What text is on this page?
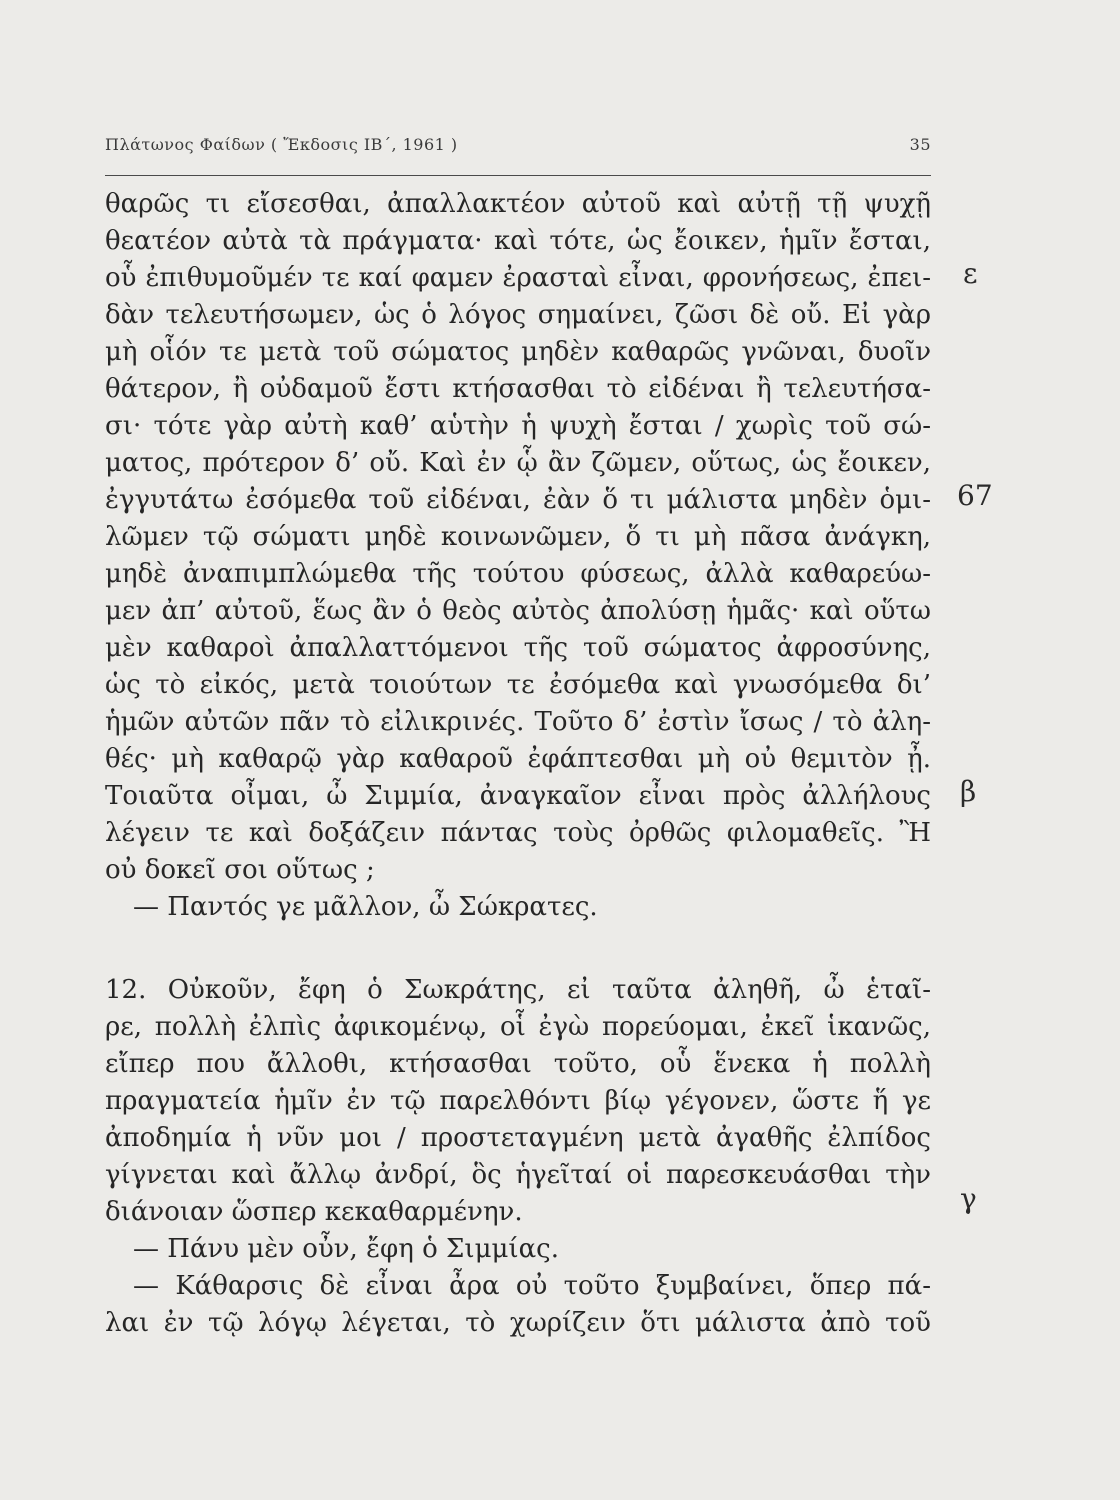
Πλάτωνος Φαίδων ( Ἔκδοσις ΙΒ΄, 1961 )	35
θαρῶς τι εἴσεσθαι, ἀπαλλακτέον αὐτοῦ καὶ αὐτῇ τῇ ψυχῇ
θεατέον αὐτὰ τὰ πράγματα· καὶ τότε, ὡς ἔοικεν, ἡμῖν ἔσται,
οὗ ἐπιθυμοῦμέν τε καί φαμεν ἐρασταὶ εἶναι, φρονήσεως, ἐπει-
δὰν τελευτήσωμεν, ὡς ὁ λόγος σημαίνει, ζῶσι δὲ οὔ. Εἰ γὰρ
μὴ οἷόν τε μετὰ τοῦ σώματος μηδὲν καθαρῶς γνῶναι, δυοῖν
θάτερον, ἢ οὐδαμοῦ ἔστι κτήσασθαι τὸ εἰδέναι ἢ τελευτήσα-
σι· τότε γὰρ αὐτὴ καθ’ αὑτὴν ἡ ψυχὴ ἔσται / χωρὶς τοῦ σώ-
ματος, πρότερον δ’ οὔ. Καὶ ἐν ᾧ ἂν ζῶμεν, οὕτως, ὡς ἔοικεν,
ἐγγυτάτω ἐσόμεθα τοῦ εἰδέναι, ἐὰν ὅ τι μάλιστα μηδὲν ὁμι-
λῶμεν τῷ σώματι μηδὲ κοινωνῶμεν, ὅ τι μὴ πᾶσα ἀνάγκη,
μηδὲ ἀναπιμπλώμεθα τῆς τούτου φύσεως, ἀλλὰ καθαρεύω-
μεν ἀπ’ αὐτοῦ, ἕως ἂν ὁ θεὸς αὐτὸς ἀπολύσῃ ἡμᾶς· καὶ οὕτω
μὲν καθαροὶ ἀπαλλαττόμενοι τῆς τοῦ σώματος ἀφροσύνης,
ὡς τὸ εἰκός, μετὰ τοιούτων τε ἐσόμεθα καὶ γνωσόμεθα δι’
ἡμῶν αὐτῶν πᾶν τὸ εἰλικρινές. Τοῦτο δ’ ἐστὶν ἴσως / τὸ ἀλη-
θές· μὴ καθαρῷ γὰρ καθαροῦ ἐφάπτεσθαι μὴ οὐ θεμιτὸν ᾖ.
Τοιαῦτα οἶμαι, ὦ Σιμμία, ἀναγκαῖον εἶναι πρὸς ἀλλήλους
λέγειν τε καὶ δοξάζειν πάντας τοὺς ὀρθῶς φιλομαθεῖς. Ἢ
οὐ δοκεῖ σοι οὕτως ;
— Παντός γε μᾶλλον, ὦ Σώκρατες.
12. Οὐκοῦν, ἔφη ὁ Σωκράτης, εἰ ταῦτα ἀληθῆ, ὦ ἑταῖ-
ρε, πολλὴ ἐλπὶς ἀφικομένῳ, οἷ ἐγὼ πορεύομαι, ἐκεῖ ἱκανῶς,
εἴπερ που ἄλλοθι, κτήσασθαι τοῦτο, οὗ ἕνεκα ἡ πολλὴ
πραγματεία ἡμῖν ἐν τῷ παρελθόντι βίῳ γέγονεν, ὥστε ἥ γε
ἀποδημία ἡ νῦν μοι / προστεταγμένη μετὰ ἀγαθῆς ἐλπίδος
γίγνεται καὶ ἄλλῳ ἀνδρί, ὃς ἡγεῖταί οἱ παρεσκευάσθαι τὴν
διάνοιαν ὥσπερ κεκαθαρμένην.
— Πάνυ μὲν οὖν, ἔφη ὁ Σιμμίας.
— Κάθαρσις δὲ εἶναι ἆρα οὐ τοῦτο ξυμβαίνει, ὅπερ πά-
λαι ἐν τῷ λόγῳ λέγεται, τὸ χωρίζειν ὅτι μάλιστα ἀπὸ τοῦ
ε
67
β
γ
